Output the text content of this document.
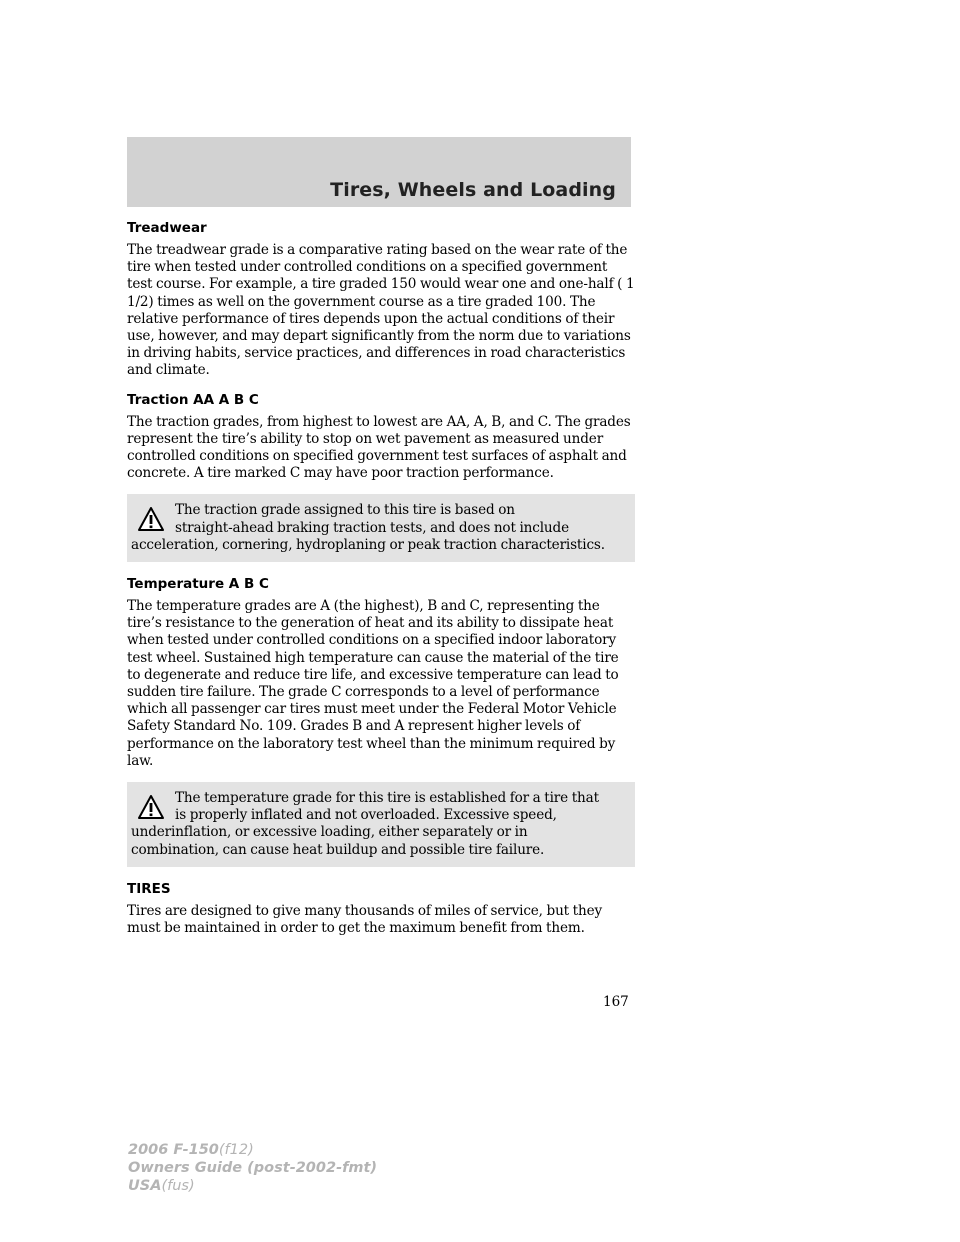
Tires, Wheels and Loading
Treadwear

The treadwear grade is a comparative rating based on the wear rate of the tire when tested under controlled conditions on a specified government test course. For example, a tire graded 150 would wear one and one-half ( 1 1/2) times as well on the government course as a tire graded 100. The relative performance of tires depends upon the actual conditions of their use, however, and may depart significantly from the norm due to variations in driving habits, service practices, and differences in road characteristics and climate.

Traction AA A B C

The traction grades, from highest to lowest are AA, A, B, and C. The grades represent the tire’s ability to stop on wet pavement as measured under controlled conditions on specified government test surfaces of asphalt and concrete. A tire marked C may have poor traction performance.

The traction grade assigned to this tire is based on
straight-ahead braking traction tests, and does not include
acceleration, cornering, hydroplaning or peak traction characteristics.

Temperature A B C

The temperature grades are A (the highest), B and C, representing the tire’s resistance to the generation of heat and its ability to dissipate heat when tested under controlled conditions on a specified indoor laboratory test wheel. Sustained high temperature can cause the material of the tire to degenerate and reduce tire life, and excessive temperature can lead to sudden tire failure. The grade C corresponds to a level of performance which all passenger car tires must meet under the Federal Motor Vehicle Safety Standard No. 109. Grades B and A represent higher levels of performance on the laboratory test wheel than the minimum required by law.

The temperature grade for this tire is established for a tire that
is properly inflated and not overloaded. Excessive speed,
underinflation, or excessive loading, either separately or in
combination, can cause heat buildup and possible tire failure.

TIRES

Tires are designed to give many thousands of miles of service, but they must be maintained in order to get the maximum benefit from them.

167
2006 F-150(f12)
Owners Guide (post-2002-fmt)
USA(fus)
